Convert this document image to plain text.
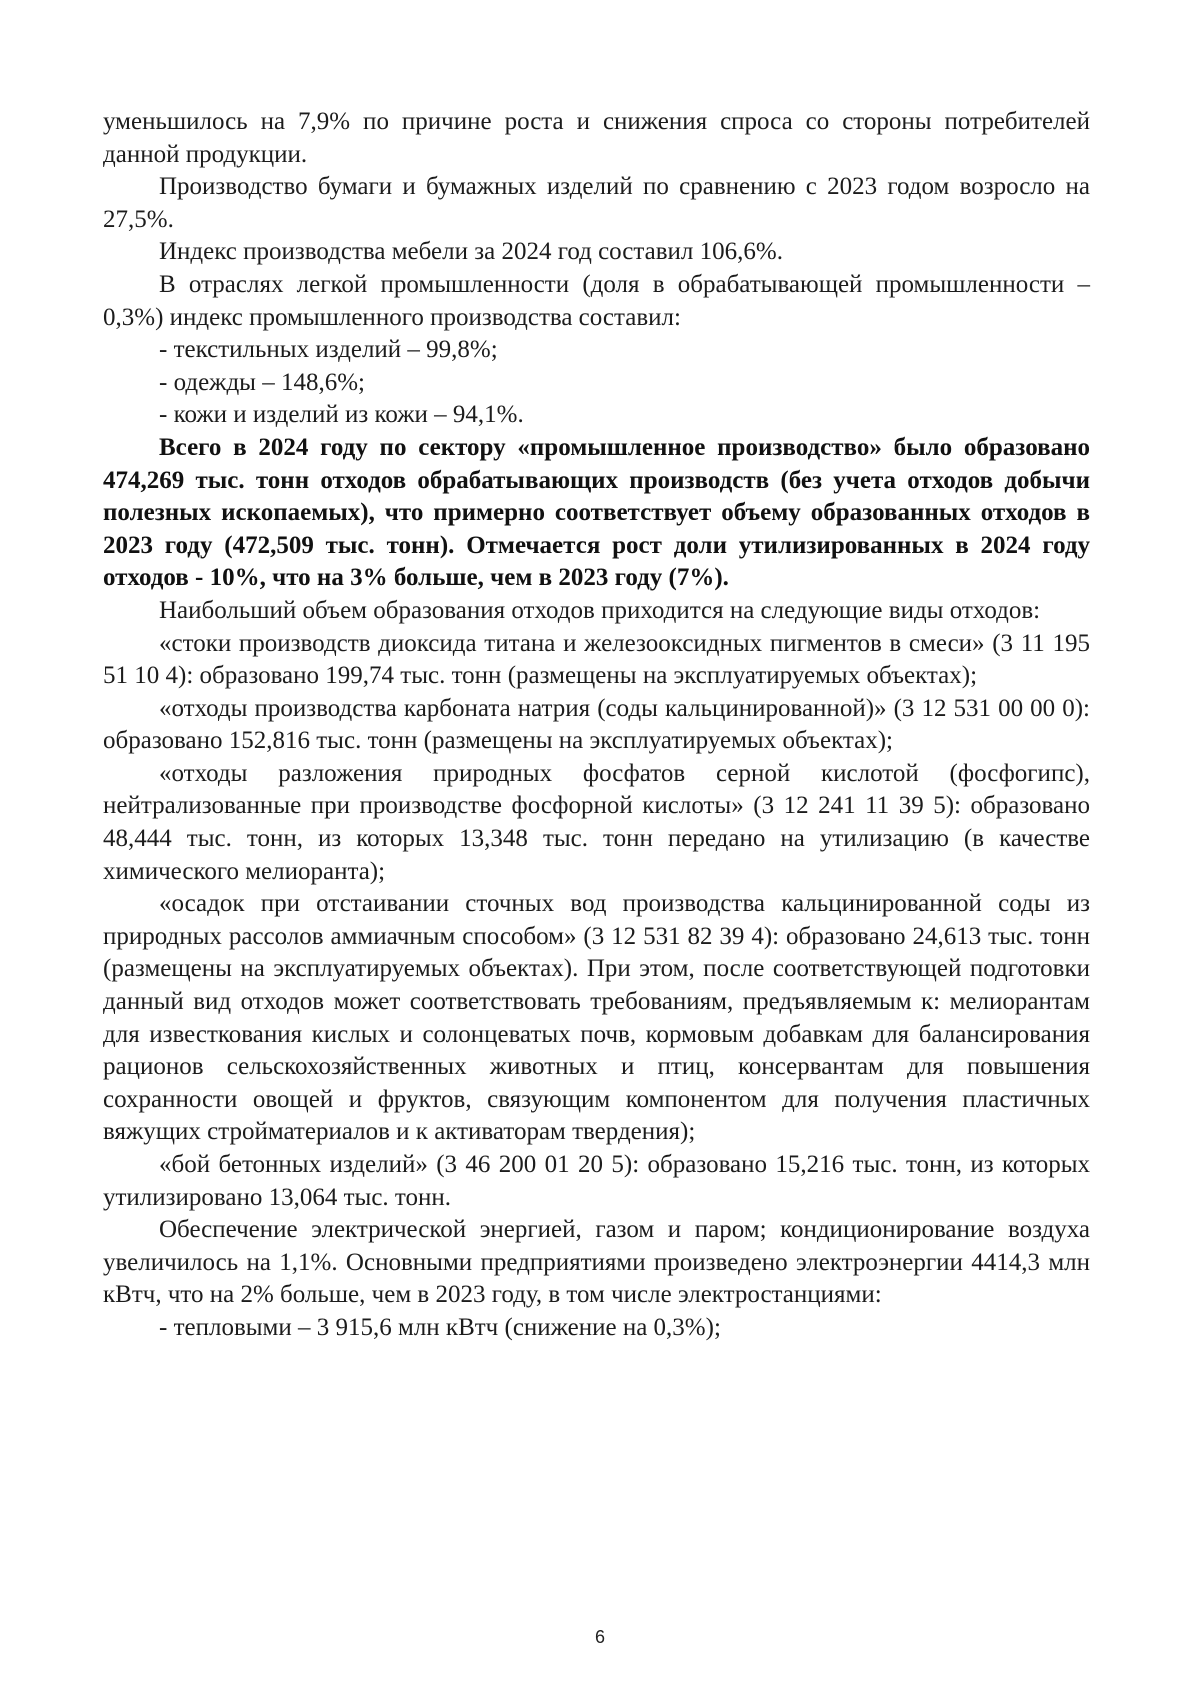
уменьшилось на 7,9% по причине роста и снижения спроса со стороны потребителей данной продукции.

Производство бумаги и бумажных изделий по сравнению с 2023 годом возросло на 27,5%.

Индекс производства мебели за 2024 год составил 106,6%.

В отраслях легкой промышленности (доля в обрабатывающей промышленности – 0,3%) индекс промышленного производства составил:

- текстильных изделий – 99,8%;

- одежды – 148,6%;

- кожи и изделий из кожи – 94,1%.

Всего в 2024 году по сектору «промышленное производство» было образовано 474,269 тыс. тонн отходов обрабатывающих производств (без учета отходов добычи полезных ископаемых), что примерно соответствует объему образованных отходов в 2023 году (472,509 тыс. тонн). Отмечается рост доли утилизированных в 2024 году отходов - 10%, что на 3% больше, чем в 2023 году (7%).

Наибольший объем образования отходов приходится на следующие виды отходов:

«стоки производств диоксида титана и железооксидных пигментов в смеси» (3 11 195 51 10 4): образовано 199,74 тыс. тонн (размещены на эксплуатируемых объектах);

«отходы производства карбоната натрия (соды кальцинированной)» (3 12 531 00 00 0): образовано 152,816 тыс. тонн (размещены на эксплуатируемых объектах);

«отходы разложения природных фосфатов серной кислотой (фосфогипс), нейтрализованные при производстве фосфорной кислоты» (3 12 241 11 39 5): образовано 48,444 тыс. тонн, из которых 13,348 тыс. тонн передано на утилизацию (в качестве химического мелиоранта);

«осадок при отстаивании сточных вод производства кальцинированной соды из природных рассолов аммиачным способом» (3 12 531 82 39 4): образовано 24,613 тыс. тонн (размещены на эксплуатируемых объектах). При этом, после соответствующей подготовки данный вид отходов может соответствовать требованиям, предъявляемым к: мелиорантам для известкования кислых и солонцеватых почв, кормовым добавкам для балансирования рационов сельскохозяйственных животных и птиц, консервантам для повышения сохранности овощей и фруктов, связующим компонентом для получения пластичных вяжущих стройматериалов и к активаторам твердения);

«бой бетонных изделий» (3 46 200 01 20 5): образовано 15,216 тыс. тонн, из которых утилизировано 13,064 тыс. тонн.

Обеспечение электрической энергией, газом и паром; кондиционирование воздуха увеличилось на 1,1%. Основными предприятиями произведено электроэнергии 4414,3 млн кВтч, что на 2% больше, чем в 2023 году, в том числе электростанциями:

- тепловыми – 3 915,6 млн кВтч (снижение на 0,3%);

6
